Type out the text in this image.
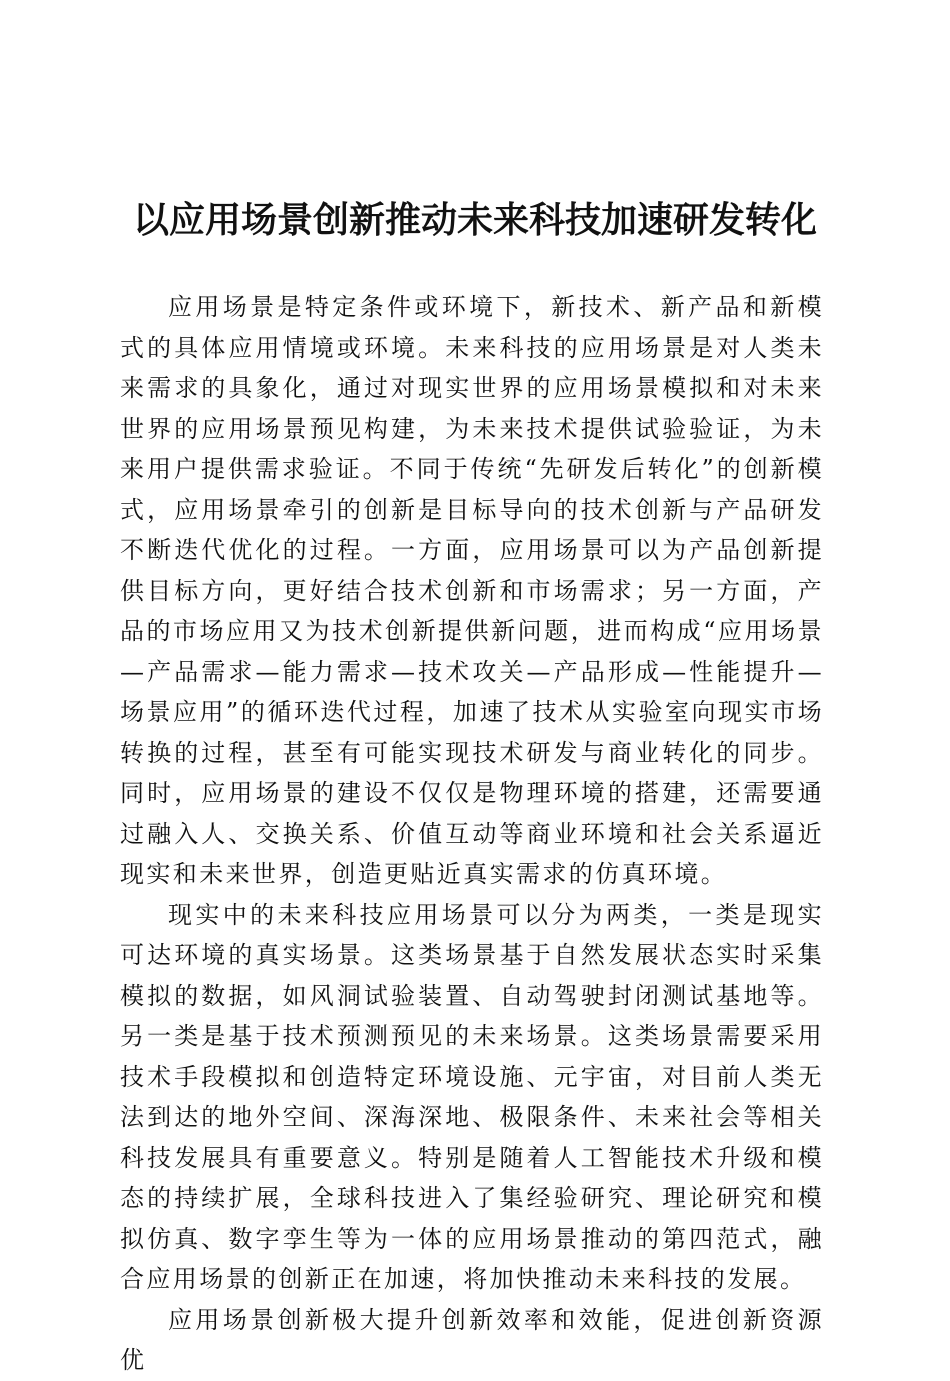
以应用场景创新推动未来科技加速研发转化

应用场景是特定条件或环境下，新技术、新产品和新模式的具体应用情境或环境。未来科技的应用场景是对人类未来需求的具象化，通过对现实世界的应用场景模拟和对未来世界的应用场景预见构建，为未来技术提供试验验证，为未来用户提供需求验证。不同于传统“先研发后转化”的创新模式，应用场景牵引的创新是目标导向的技术创新与产品研发不断迭代优化的过程。一方面，应用场景可以为产品创新提供目标方向，更好结合技术创新和市场需求；另一方面，产品的市场应用又为技术创新提供新问题，进而构成“应用场景—产品需求—能力需求—技术攻关—产品形成—性能提升—场景应用”的循环迭代过程，加速了技术从实验室向现实市场转换的过程，甚至有可能实现技术研发与商业转化的同步。同时，应用场景的建设不仅仅是物理环境的搭建，还需要通过融入人、交换关系、价值互动等商业环境和社会关系逼近现实和未来世界，创造更贴近真实需求的仿真环境。

现实中的未来科技应用场景可以分为两类，一类是现实可达环境的真实场景。这类场景基于自然发展状态实时采集模拟的数据，如风洞试验装置、自动驾驶封闭测试基地等。另一类是基于技术预测预见的未来场景。这类场景需要采用技术手段模拟和创造特定环境设施、元宇宙，对目前人类无法到达的地外空间、深海深地、极限条件、未来社会等相关科技发展具有重要意义。特别是随着人工智能技术升级和模态的持续扩展，全球科技进入了集经验研究、理论研究和模拟仿真、数字孪生等为一体的应用场景推动的第四范式，融合应用场景的创新正在加速，将加快推动未来科技的发展。

应用场景创新极大提升创新效率和效能，促进创新资源优
